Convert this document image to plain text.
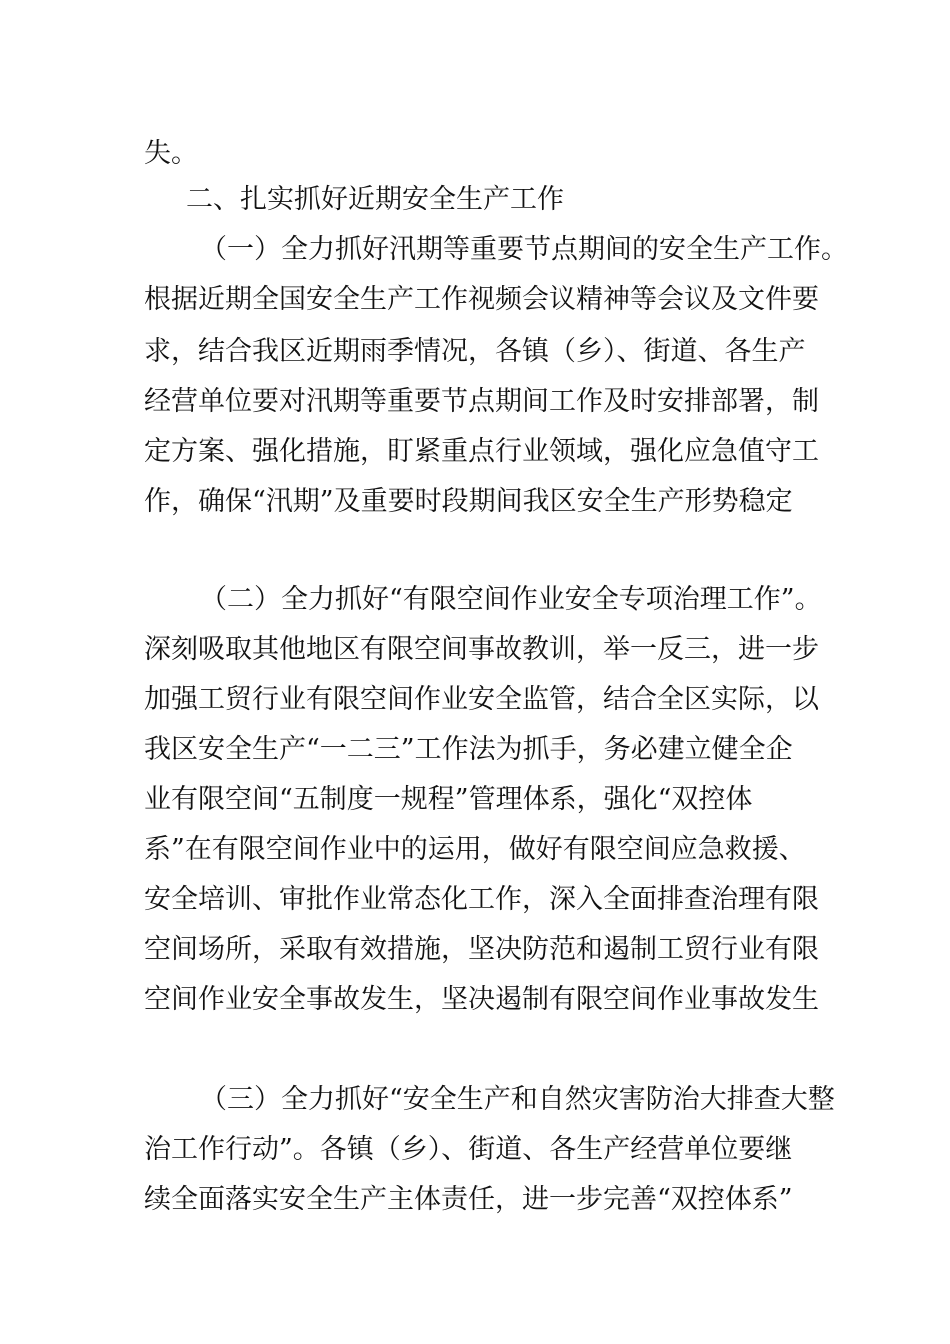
失。

二、扎实抓好近期安全生产工作

（一）全力抓好汛期等重要节点期间的安全生产工作。

根据近期全国安全生产工作视频会议精神等会议及文件要

求，结合我区近期雨季情况，各镇（乡）、街道、各生产

经营单位要对汛期等重要节点期间工作及时安排部署，制

定方案、强化措施，盯紧重点行业领域，强化应急值守工

作，确保“汛期”及重要时段期间我区安全生产形势稳定

（二）全力抓好“有限空间作业安全专项治理工作”。

深刻吸取其他地区有限空间事故教训，举一反三，进一步

加强工贸行业有限空间作业安全监管，结合全区实际，以

我区安全生产“一二三”工作法为抓手，务必建立健全企

业有限空间“五制度一规程”管理体系，强化“双控体

系”在有限空间作业中的运用，做好有限空间应急救援、

安全培训、审批作业常态化工作，深入全面排查治理有限

空间场所，采取有效措施，坚决防范和遏制工贸行业有限

空间作业安全事故发生，坚决遏制有限空间作业事故发生

（三）全力抓好“安全生产和自然灾害防治大排查大整

治工作行动”。各镇（乡）、街道、各生产经营单位要继

续全面落实安全生产主体责任，进一步完善“双控体系”
